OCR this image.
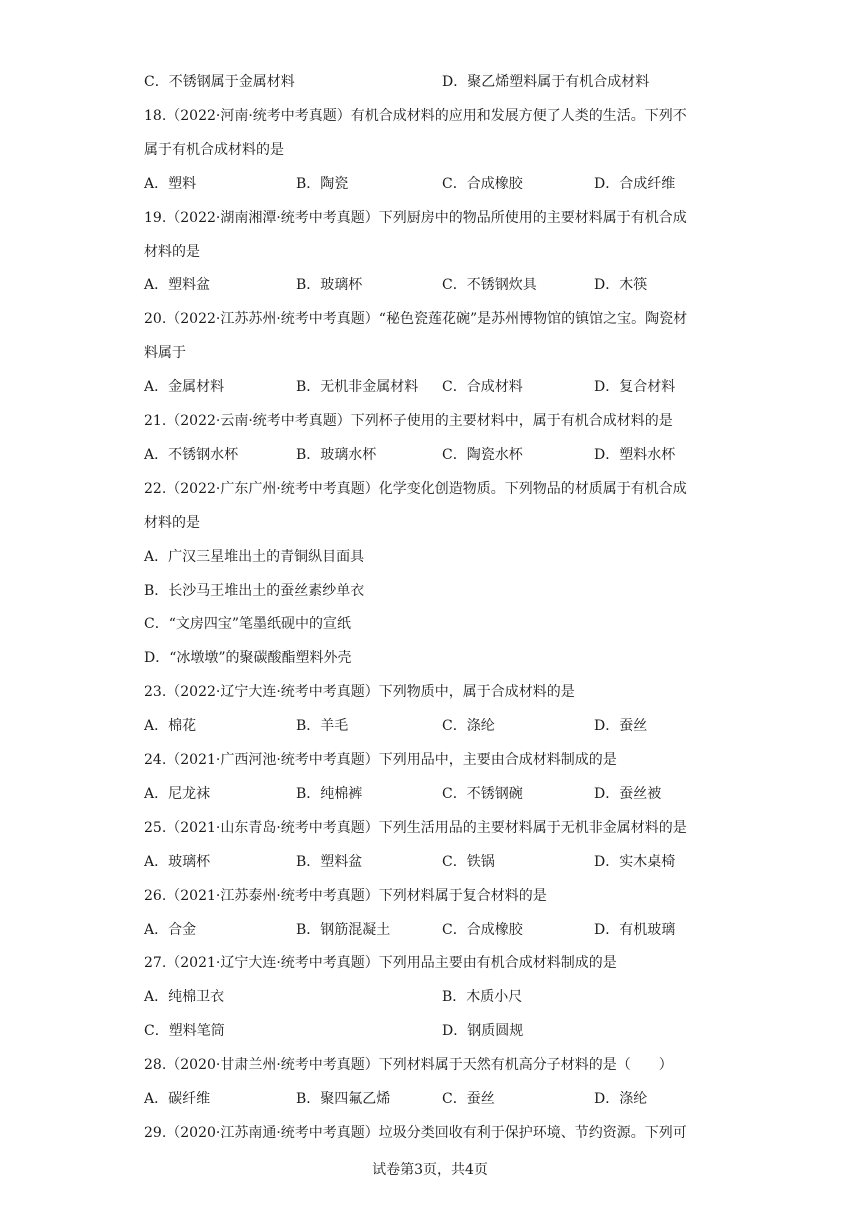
C．不锈钢属于金属材料	D．聚乙烯塑料属于有机合成材料
18.（2022·河南·统考中考真题）有机合成材料的应用和发展方便了人类的生活。下列不
属于有机合成材料的是
A．塑料	B．陶瓷	C．合成橡胶	D．合成纤维
19.（2022·湖南湘潭·统考中考真题）下列厨房中的物品所使用的主要材料属于有机合成
材料的是
A．塑料盆	B．玻璃杯	C．不锈钢炊具	D．木筷
20.（2022·江苏苏州·统考中考真题）“秘色瓷莲花碗”是苏州博物馆的镇馆之宝。陶瓷材
料属于
A．金属材料	B．无机非金属材料 C．合成材料	D．复合材料
21.（2022·云南·统考中考真题）下列杯子使用的主要材料中，属于有机合成材料的是
A．不锈钢水杯	B．玻璃水杯	C．陶瓷水杯	D．塑料水杯
22.（2022·广东广州·统考中考真题）化学变化创造物质。下列物品的材质属于有机合成
材料的是
A．广汉三星堆出土的青铜纵目面具
B．长沙马王堆出土的蚕丝素纱单衣
C．“文房四宝”笔墨纸砚中的宣纸
D．“冰墩墩”的聚碳酸酯塑料外壳
23.（2022·辽宁大连·统考中考真题）下列物质中，属于合成材料的是
A．棉花	B．羊毛	C．涤纶	D．蚕丝
24.（2021·广西河池·统考中考真题）下列用品中，主要由合成材料制成的是
A．尼龙袜	B．纯棉裤	C．不锈钢碗	D．蚕丝被
25.（2021·山东青岛·统考中考真题）下列生活用品的主要材料属于无机非金属材料的是
A．玻璃杯	B．塑料盆	C．铁锅	D．实木桌椅
26.（2021·江苏泰州·统考中考真题）下列材料属于复合材料的是
A．合金	B．钢筋混凝土	C．合成橡胶	D．有机玻璃
27.（2021·辽宁大连·统考中考真题）下列用品主要由有机合成材料制成的是
A．纯棉卫衣	B．木质小尺
C．塑料笔筒	D．钢质圆规
28.（2020·甘肃兰州·统考中考真题）下列材料属于天然有机高分子材料的是（　　）
A．碳纤维	B．聚四氟乙烯	C．蚕丝	D．涤纶
29.（2020·江苏南通·统考中考真题）垃圾分类回收有利于保护环境、节约资源。下列可
试卷第3页，共4页
